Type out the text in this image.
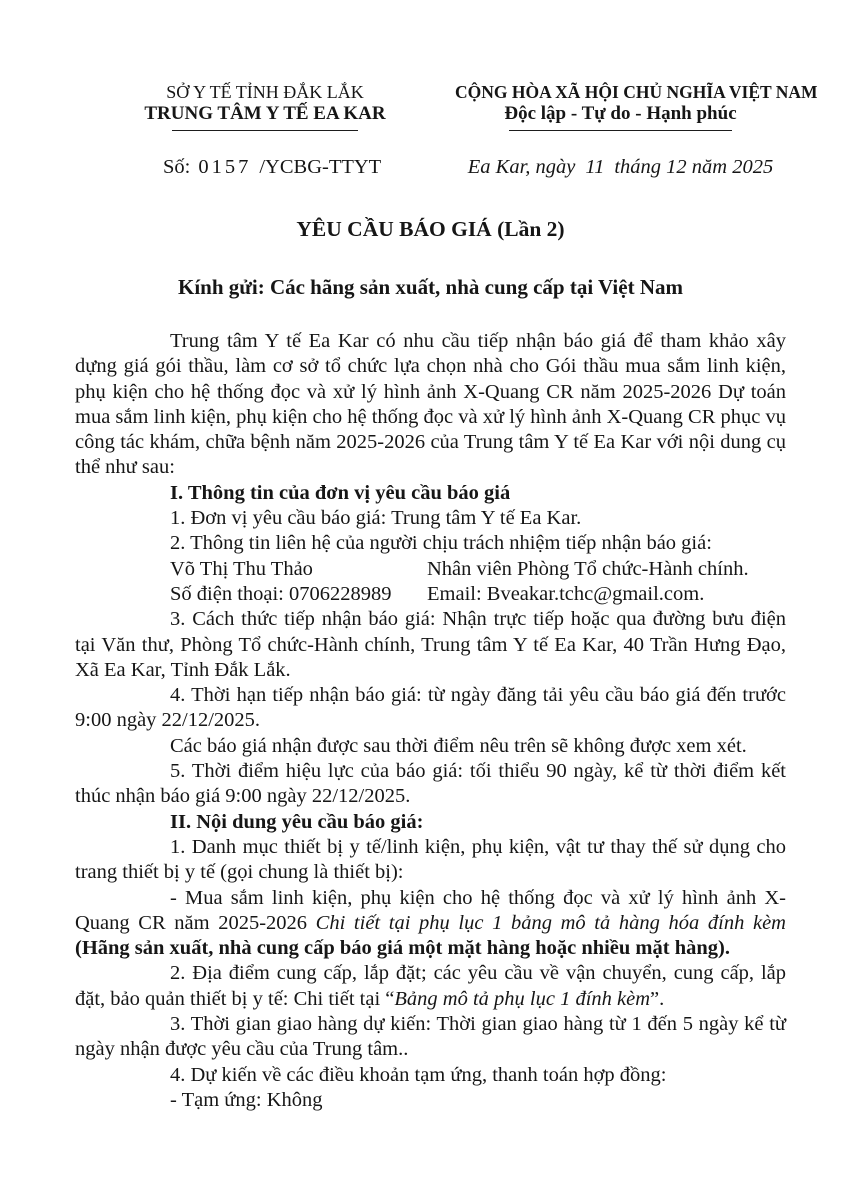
SỞ Y TẾ TỈNH ĐẮK LẮK
TRUNG TÂM Y TẾ EA KAR
CỘNG HÒA XÃ HỘI CHỦ NGHĨA VIỆT NAM
Độc lập - Tự do - Hạnh phúc
Số: 0157 /YCBG-TTYT	Ea Kar, ngày 11 tháng 12 năm 2025
YÊU CẦU BÁO GIÁ (Lần 2)
Kính gửi: Các hãng sản xuất, nhà cung cấp tại Việt Nam

Trung tâm Y tế Ea Kar có nhu cầu tiếp nhận báo giá để tham khảo xây dựng giá gói thầu, làm cơ sở tổ chức lựa chọn nhà cho Gói thầu mua sắm linh kiện, phụ kiện cho hệ thống đọc và xử lý hình ảnh X-Quang CR năm 2025-2026 Dự toán mua sắm linh kiện, phụ kiện cho hệ thống đọc và xử lý hình ảnh X-Quang CR phục vụ công tác khám, chữa bệnh năm 2025-2026 của Trung tâm Y tế Ea Kar với nội dung cụ thể như sau:

I. Thông tin của đơn vị yêu cầu báo giá

1. Đơn vị yêu cầu báo giá: Trung tâm Y tế Ea Kar.

2. Thông tin liên hệ của người chịu trách nhiệm tiếp nhận báo giá:

Võ Thị Thu Thảo	Nhân viên Phòng Tổ chức-Hành chính.

Số điện thoại: 0706228989 Email: Bveakar.tchc@gmail.com.

3. Cách thức tiếp nhận báo giá: Nhận trực tiếp hoặc qua đường bưu điện tại Văn thư, Phòng Tổ chức-Hành chính, Trung tâm Y tế Ea Kar, 40 Trần Hưng Đạo, Xã Ea Kar, Tỉnh Đắk Lắk.

4. Thời hạn tiếp nhận báo giá: từ ngày đăng tải yêu cầu báo giá đến trước 9:00 ngày 22/12/2025.

Các báo giá nhận được sau thời điểm nêu trên sẽ không được xem xét.

5. Thời điểm hiệu lực của báo giá: tối thiểu 90 ngày, kể từ thời điểm kết thúc nhận báo giá 9:00 ngày 22/12/2025.

II. Nội dung yêu cầu báo giá:

1. Danh mục thiết bị y tế/linh kiện, phụ kiện, vật tư thay thế sử dụng cho trang thiết bị y tế (gọi chung là thiết bị):

- Mua sắm linh kiện, phụ kiện cho hệ thống đọc và xử lý hình ảnh X-Quang CR năm 2025-2026 Chi tiết tại phụ lục 1 bảng mô tả hàng hóa đính kèm (Hãng sản xuất, nhà cung cấp báo giá một mặt hàng hoặc nhiều mặt hàng).

2. Địa điểm cung cấp, lắp đặt; các yêu cầu về vận chuyển, cung cấp, lắp đặt, bảo quản thiết bị y tế: Chi tiết tại “Bảng mô tả phụ lục 1 đính kèm”.

3. Thời gian giao hàng dự kiến: Thời gian giao hàng từ 1 đến 5 ngày kể từ ngày nhận được yêu cầu của Trung tâm..

4. Dự kiến về các điều khoản tạm ứng, thanh toán hợp đồng:

- Tạm ứng: Không
